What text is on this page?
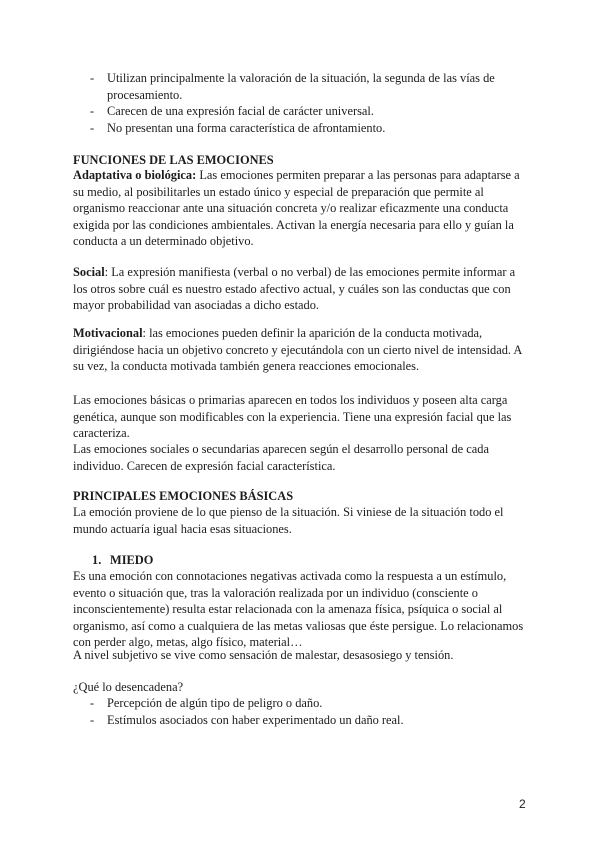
- Utilizan principalmente la valoración de la situación, la segunda de las vías de procesamiento.
- Carecen de una expresión facial de carácter universal.
- No presentan una forma característica de afrontamiento.
FUNCIONES DE LAS EMOCIONES

Adaptativa o biológica: Las emociones permiten preparar a las personas para adaptarse a su medio, al posibilitarles un estado único y especial de preparación que permite al organismo reaccionar ante una situación concreta y/o realizar eficazmente una conducta exigida por las condiciones ambientales. Activan la energía necesaria para ello y guían la conducta a un determinado objetivo.

Social: La expresión manifiesta (verbal o no verbal) de las emociones permite informar a los otros sobre cuál es nuestro estado afectivo actual, y cuáles son las conductas que con mayor probabilidad van asociadas a dicho estado.

Motivacional: las emociones pueden definir la aparición de la conducta motivada, dirigiéndose hacia un objetivo concreto y ejecutándola con un cierto nivel de intensidad. A su vez, la conducta motivada también genera reacciones emocionales.

Las emociones básicas o primarias aparecen en todos los individuos y poseen alta carga genética, aunque son modificables con la experiencia. Tiene una expresión facial que las caracteriza.

Las emociones sociales o secundarias aparecen según el desarrollo personal de cada individuo. Carecen de expresión facial característica.

PRINCIPALES EMOCIONES BÁSICAS

La emoción proviene de lo que pienso de la situación. Si viniese de la situación todo el mundo actuaría igual hacia esas situaciones.

1. MIEDO

Es una emoción con connotaciones negativas activada como la respuesta a un estímulo, evento o situación que, tras la valoración realizada por un individuo (consciente o inconscientemente) resulta estar relacionada con la amenaza física, psíquica o social al organismo, así como a cualquiera de las metas valiosas que éste persigue. Lo relacionamos con perder algo, metas, algo físico, material…

A nivel subjetivo se vive como sensación de malestar, desasosiego y tensión.

¿Qué lo desencadena?

- Percepción de algún tipo de peligro o daño.
- Estímulos asociados con haber experimentado un daño real.
2
